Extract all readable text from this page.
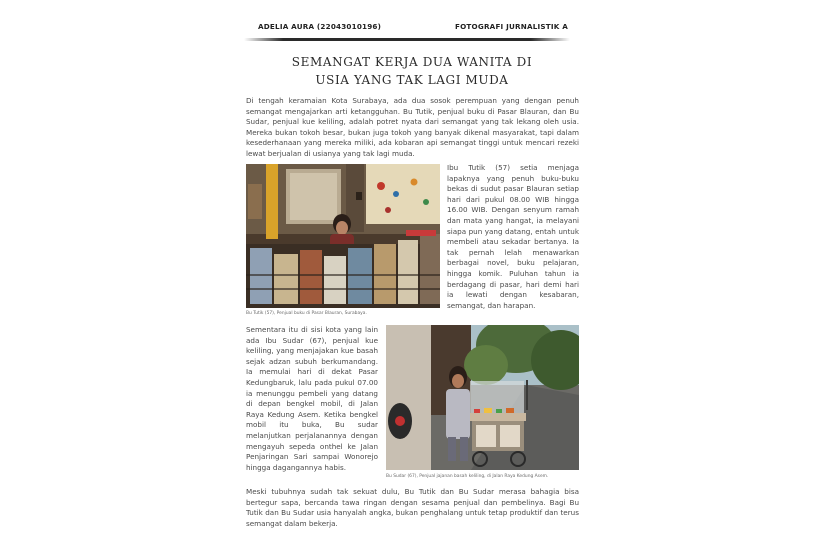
ADELIA AURA (22043010196)	FOTOGRAFI JURNALISTIK A
SEMANGAT KERJA DUA WANITA DI
USIA YANG TAK LAGI MUDA

Di tengah keramaian Kota Surabaya, ada dua sosok perempuan yang dengan penuh semangat mengajarkan arti ketangguhan. Bu Tutik, penjual buku di Pasar Blauran, dan Bu Sudar, penjual kue keliling, adalah potret nyata dari semangat yang tak lekang oleh usia. Mereka bukan tokoh besar, bukan juga tokoh yang banyak dikenal masyarakat, tapi dalam kesederhanaan yang mereka miliki, ada kobaran api semangat tinggi untuk mencari rezeki lewat berjualan di usianya yang tak lagi muda.

Bu Tutik (57), Penjual buku di Pasar Blauran, Surabaya.

Ibu Tutik (57) setia menjaga lapaknya yang penuh buku-buku bekas di sudut pasar Blauran setiap hari dari pukul 08.00 WIB hingga 16.00 WIB. Dengan senyum ramah dan mata yang hangat, ia melayani siapa pun yang datang, entah untuk membeli atau sekadar bertanya. Ia tak pernah lelah menawarkan berbagai novel, buku pelajaran, hingga komik. Puluhan tahun ia berdagang di pasar, hari demi hari ia lewati dengan kesabaran, semangat, dan harapan.

Sementara itu di sisi kota yang lain ada Ibu Sudar (67), penjual kue keliling, yang menjajakan kue basah sejak adzan subuh berkumandang. Ia memulai hari di dekat Pasar Kedungbaruk, lalu pada pukul 07.00 ia menunggu pembeli yang datang di depan bengkel mobil, di Jalan Raya Kedung Asem. Ketika bengkel mobil itu buka, Bu sudar melanjutkan perjalanannya dengan mengayuh sepeda onthel ke Jalan Penjaringan Sari sampai Wonorejo hingga dagangannya habis.

Bu Sudar (67), Penjual jajanan basah keliling, di Jalan Raya Kedung Asem.

Meski tubuhnya sudah tak sekuat dulu, Bu Tutik dan Bu Sudar merasa bahagia bisa bertegur sapa, bercanda tawa ringan dengan sesama penjual dan pembelinya. Bagi Bu Tutik dan Bu Sudar usia hanyalah angka, bukan penghalang untuk tetap produktif dan terus semangat dalam bekerja.
